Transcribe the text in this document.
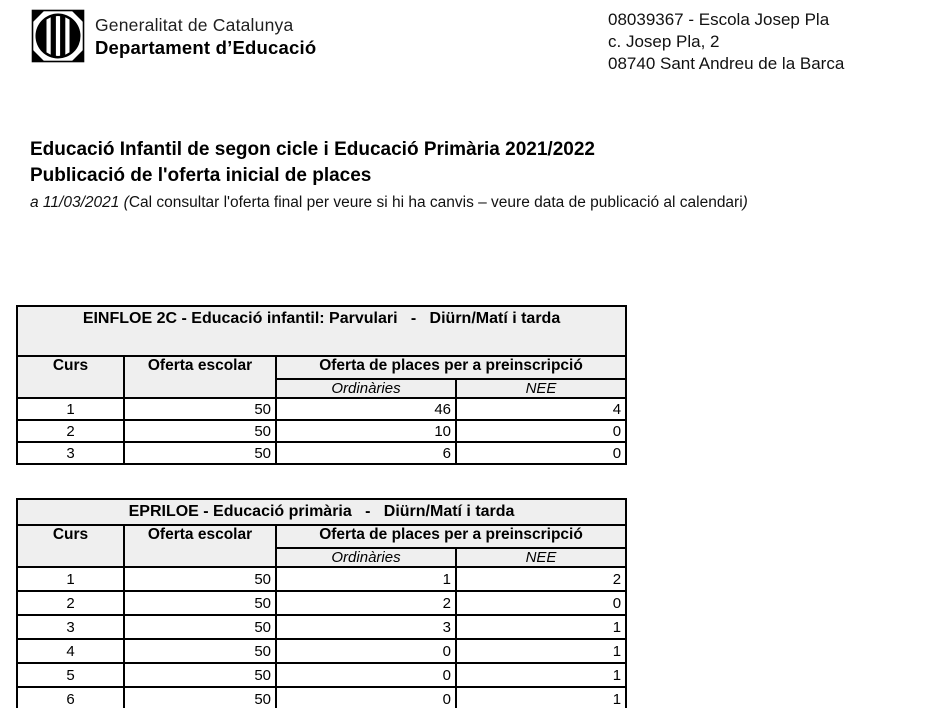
Generalitat de Catalunya
Departament d’Educació
08039367 - Escola Josep Pla
c. Josep Pla, 2
08740 Sant Andreu de la Barca
Educació Infantil de segon cicle i Educació Primària 2021/2022
Publicació de l'oferta inicial de places
a 11/03/2021 (Cal consultar l'oferta final per veure si hi ha canvis – veure data de publicació al calendari)
EINFLOE 2C - Educació infantil: Parvulari   -   Diürn/Matí i tarda			
Curs	Oferta escolar	Oferta de places per a preinscripció	
		Ordinàries	NEE
1	50	46	4
2	50	10	0
3	50	6	0
EPRILOE - Educació primària   -   Diürn/Matí i tarda			
Curs	Oferta escolar	Oferta de places per a preinscripció	
		Ordinàries	NEE
1	50	1	2
2	50	2	0
3	50	3	1
4	50	0	1
5	50	0	1
6	50	0	1
